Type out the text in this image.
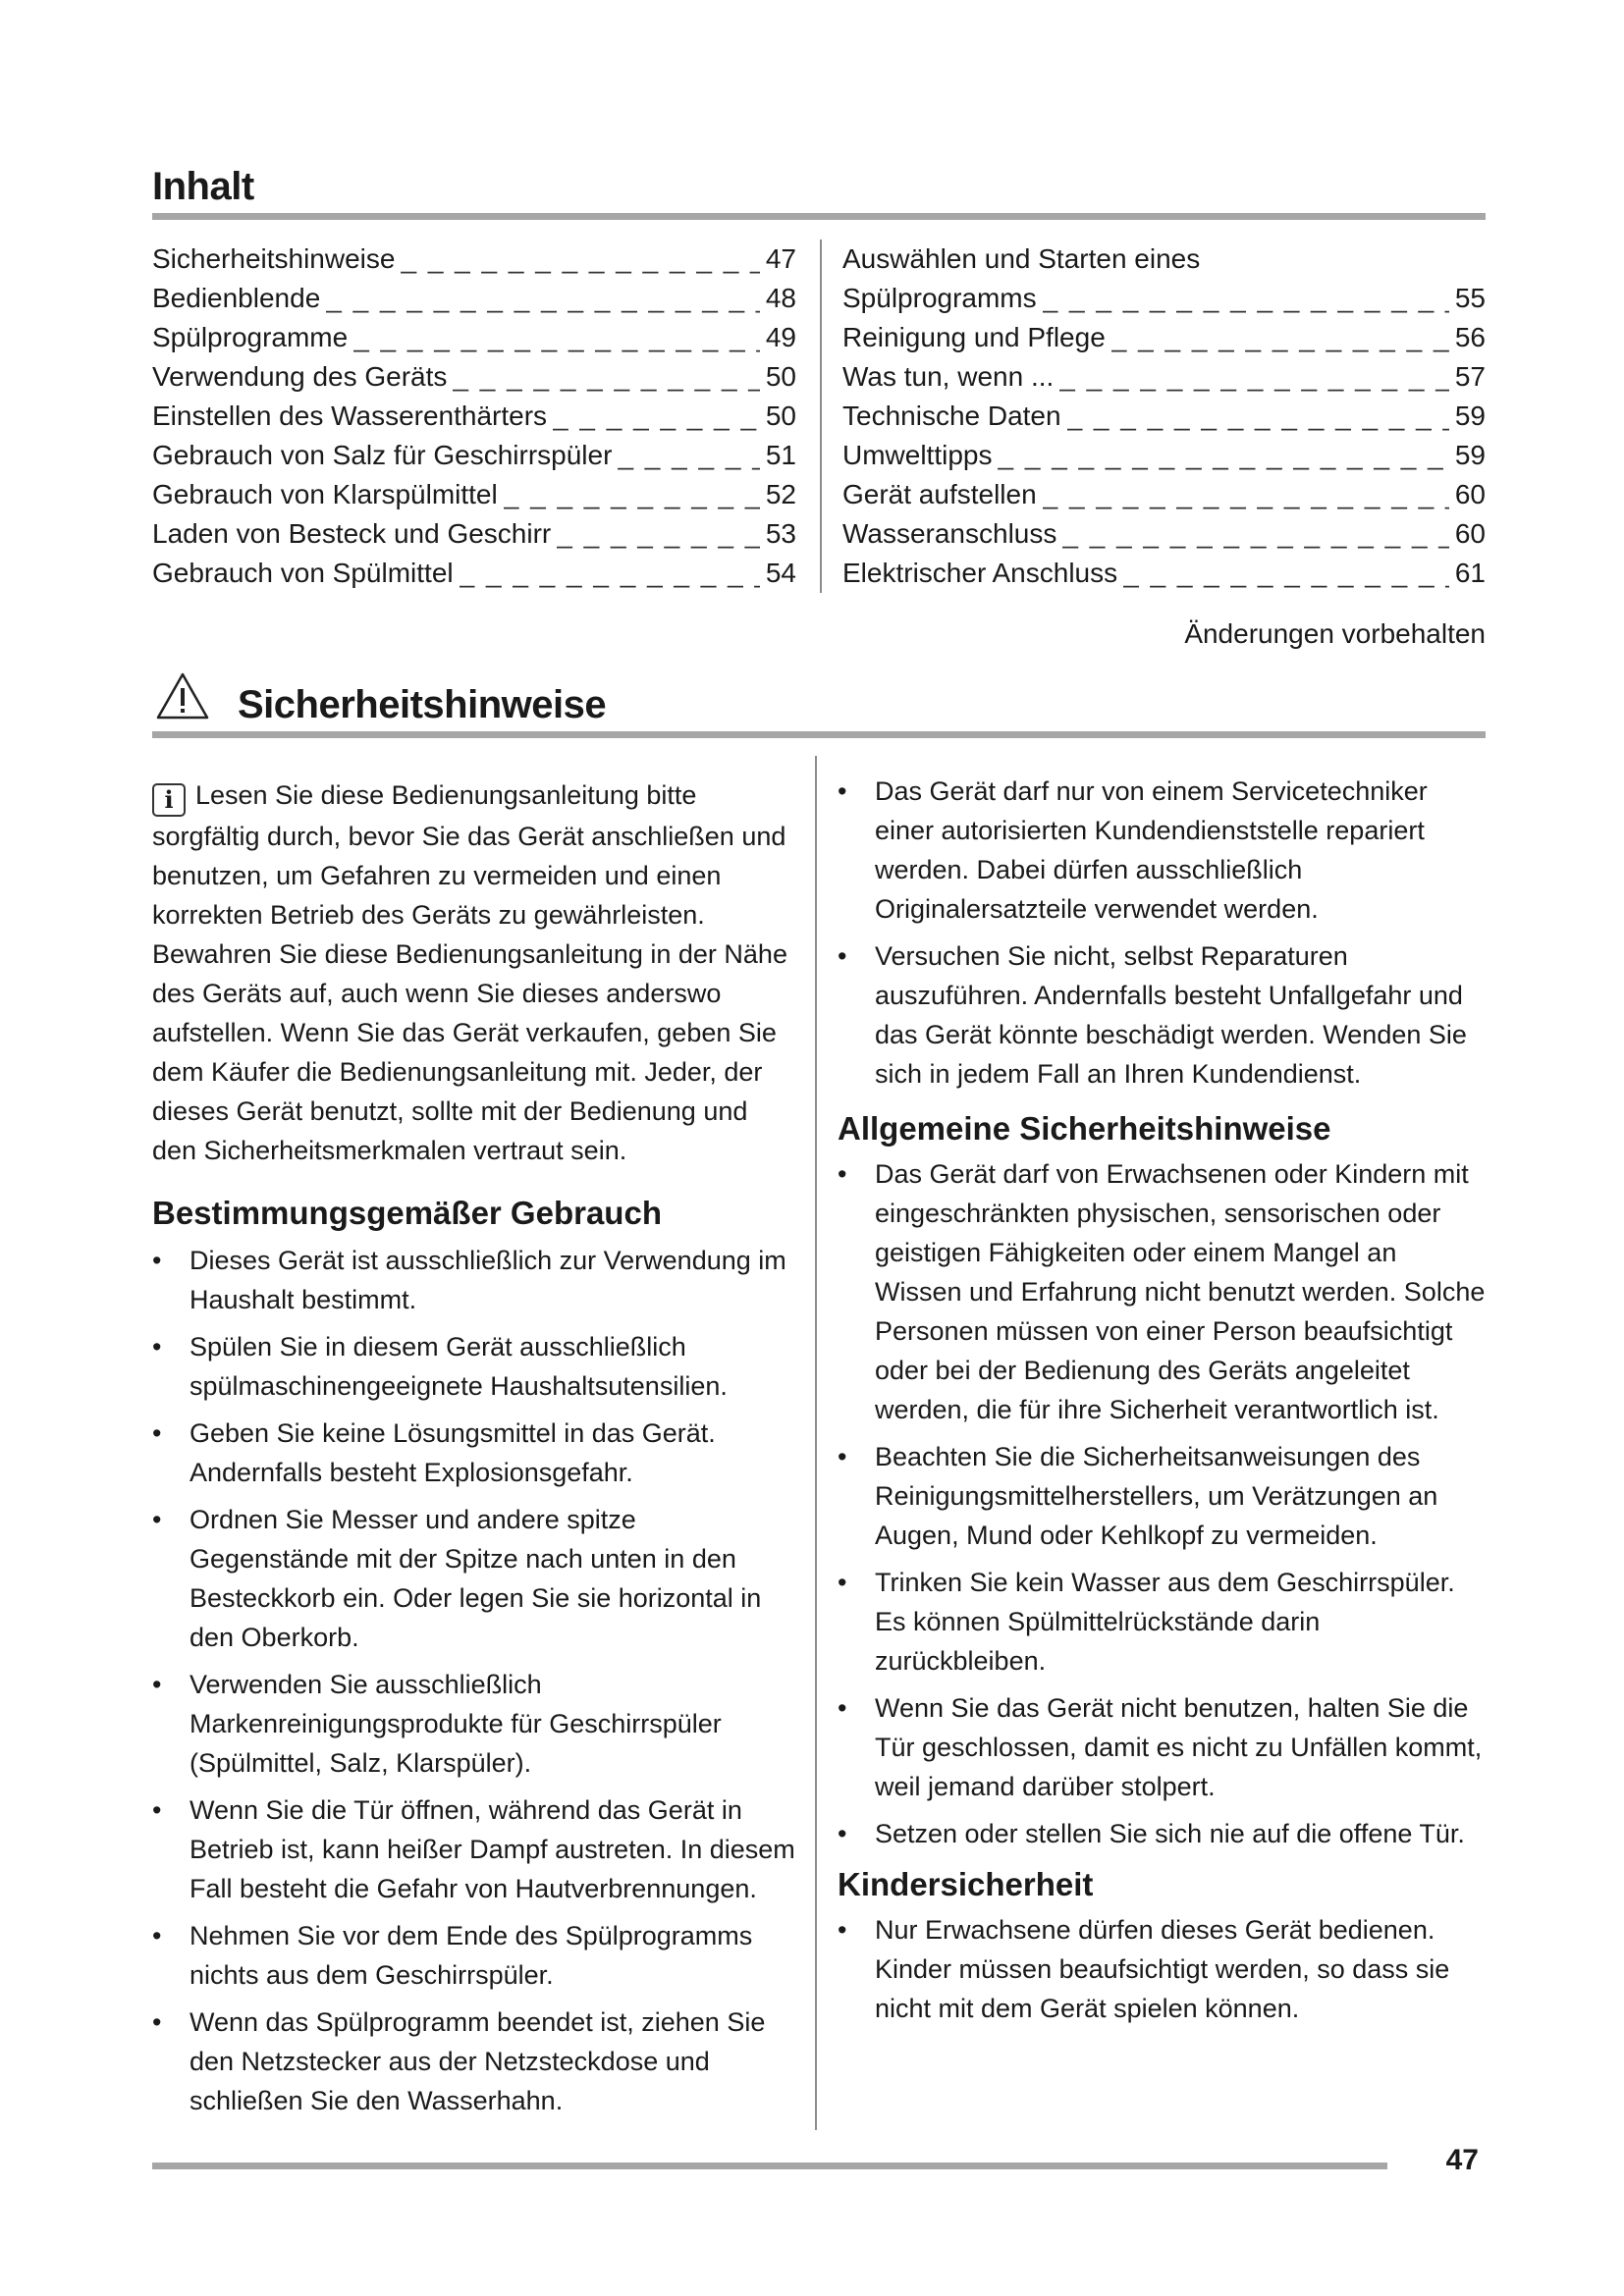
Inhalt
Sicherheitshinweise _ _ _	47
Bedienblende _ _ _	48
Spülprogramme _ _ _	49
Verwendung des Geräts _ _ _	50
Einstellen des Wasserenthärters _ _ _	50
Gebrauch von Salz für Geschirrspüler _ _ _	51
Gebrauch von Klarspülmittel _ _ _	52
Laden von Besteck und Geschirr _ _ _	53
Gebrauch von Spülmittel _ _ _	54
Auswählen und Starten eines
Spülprogramms _ _ _	55
Reinigung und Pflege _ _ _	56
Was tun, wenn ... _ _ _	57
Technische Daten _ _ _	59
Umwelttipps _ _ _	59
Gerät aufstellen _ _ _	60
Wasseranschluss _ _ _	60
Elektrischer Anschluss _ _ _	61
Änderungen vorbehalten
Sicherheitshinweise

i Lesen Sie diese Bedienungsanleitung bitte sorgfältig durch, bevor Sie das Gerät anschließen und benutzen, um Gefahren zu vermeiden und einen korrekten Betrieb des Geräts zu gewährleisten. Bewahren Sie diese Bedienungsanleitung in der Nähe des Geräts auf, auch wenn Sie dieses anderswo aufstellen. Wenn Sie das Gerät verkaufen, geben Sie dem Käufer die Bedienungsanleitung mit. Jeder, der dieses Gerät benutzt, sollte mit der Bedienung und den Sicherheitsmerkmalen vertraut sein.

Bestimmungsgemäßer Gebrauch
• Dieses Gerät ist ausschließlich zur Verwendung im Haushalt bestimmt.
• Spülen Sie in diesem Gerät ausschließlich spülmaschinengeeignete Haushaltsutensilien.
• Geben Sie keine Lösungsmittel in das Gerät. Andernfalls besteht Explosionsgefahr.
• Ordnen Sie Messer und andere spitze Gegenstände mit der Spitze nach unten in den Besteckkorb ein. Oder legen Sie sie horizontal in den Oberkorb.
• Verwenden Sie ausschließlich Markenreinigungsprodukte für Geschirrspüler (Spülmittel, Salz, Klarspüler).
• Wenn Sie die Tür öffnen, während das Gerät in Betrieb ist, kann heißer Dampf austreten. In diesem Fall besteht die Gefahr von Hautverbrennungen.
• Nehmen Sie vor dem Ende des Spülprogramms nichts aus dem Geschirrspüler.
• Wenn das Spülprogramm beendet ist, ziehen Sie den Netzstecker aus der Netzsteckdose und schließen Sie den Wasserhahn.
• Das Gerät darf nur von einem Servicetechniker einer autorisierten Kundendienststelle repariert werden. Dabei dürfen ausschließlich Originalersatzteile verwendet werden.
• Versuchen Sie nicht, selbst Reparaturen auszuführen. Andernfalls besteht Unfallgefahr und das Gerät könnte beschädigt werden. Wenden Sie sich in jedem Fall an Ihren Kundendienst.
Allgemeine Sicherheitshinweise
• Das Gerät darf von Erwachsenen oder Kindern mit eingeschränkten physischen, sensorischen oder geistigen Fähigkeiten oder einem Mangel an Wissen und Erfahrung nicht benutzt werden. Solche Personen müssen von einer Person beaufsichtigt oder bei der Bedienung des Geräts angeleitet werden, die für ihre Sicherheit verantwortlich ist.
• Beachten Sie die Sicherheitsanweisungen des Reinigungsmittelherstellers, um Verätzungen an Augen, Mund oder Kehlkopf zu vermeiden.
• Trinken Sie kein Wasser aus dem Geschirrspüler. Es können Spülmittelrückstände darin zurückbleiben.
• Wenn Sie das Gerät nicht benutzen, halten Sie die Tür geschlossen, damit es nicht zu Unfällen kommt, weil jemand darüber stolpert.
• Setzen oder stellen Sie sich nie auf die offene Tür.
Kindersicherheit
• Nur Erwachsene dürfen dieses Gerät bedienen. Kinder müssen beaufsichtigt werden, so dass sie nicht mit dem Gerät spielen können.
47
